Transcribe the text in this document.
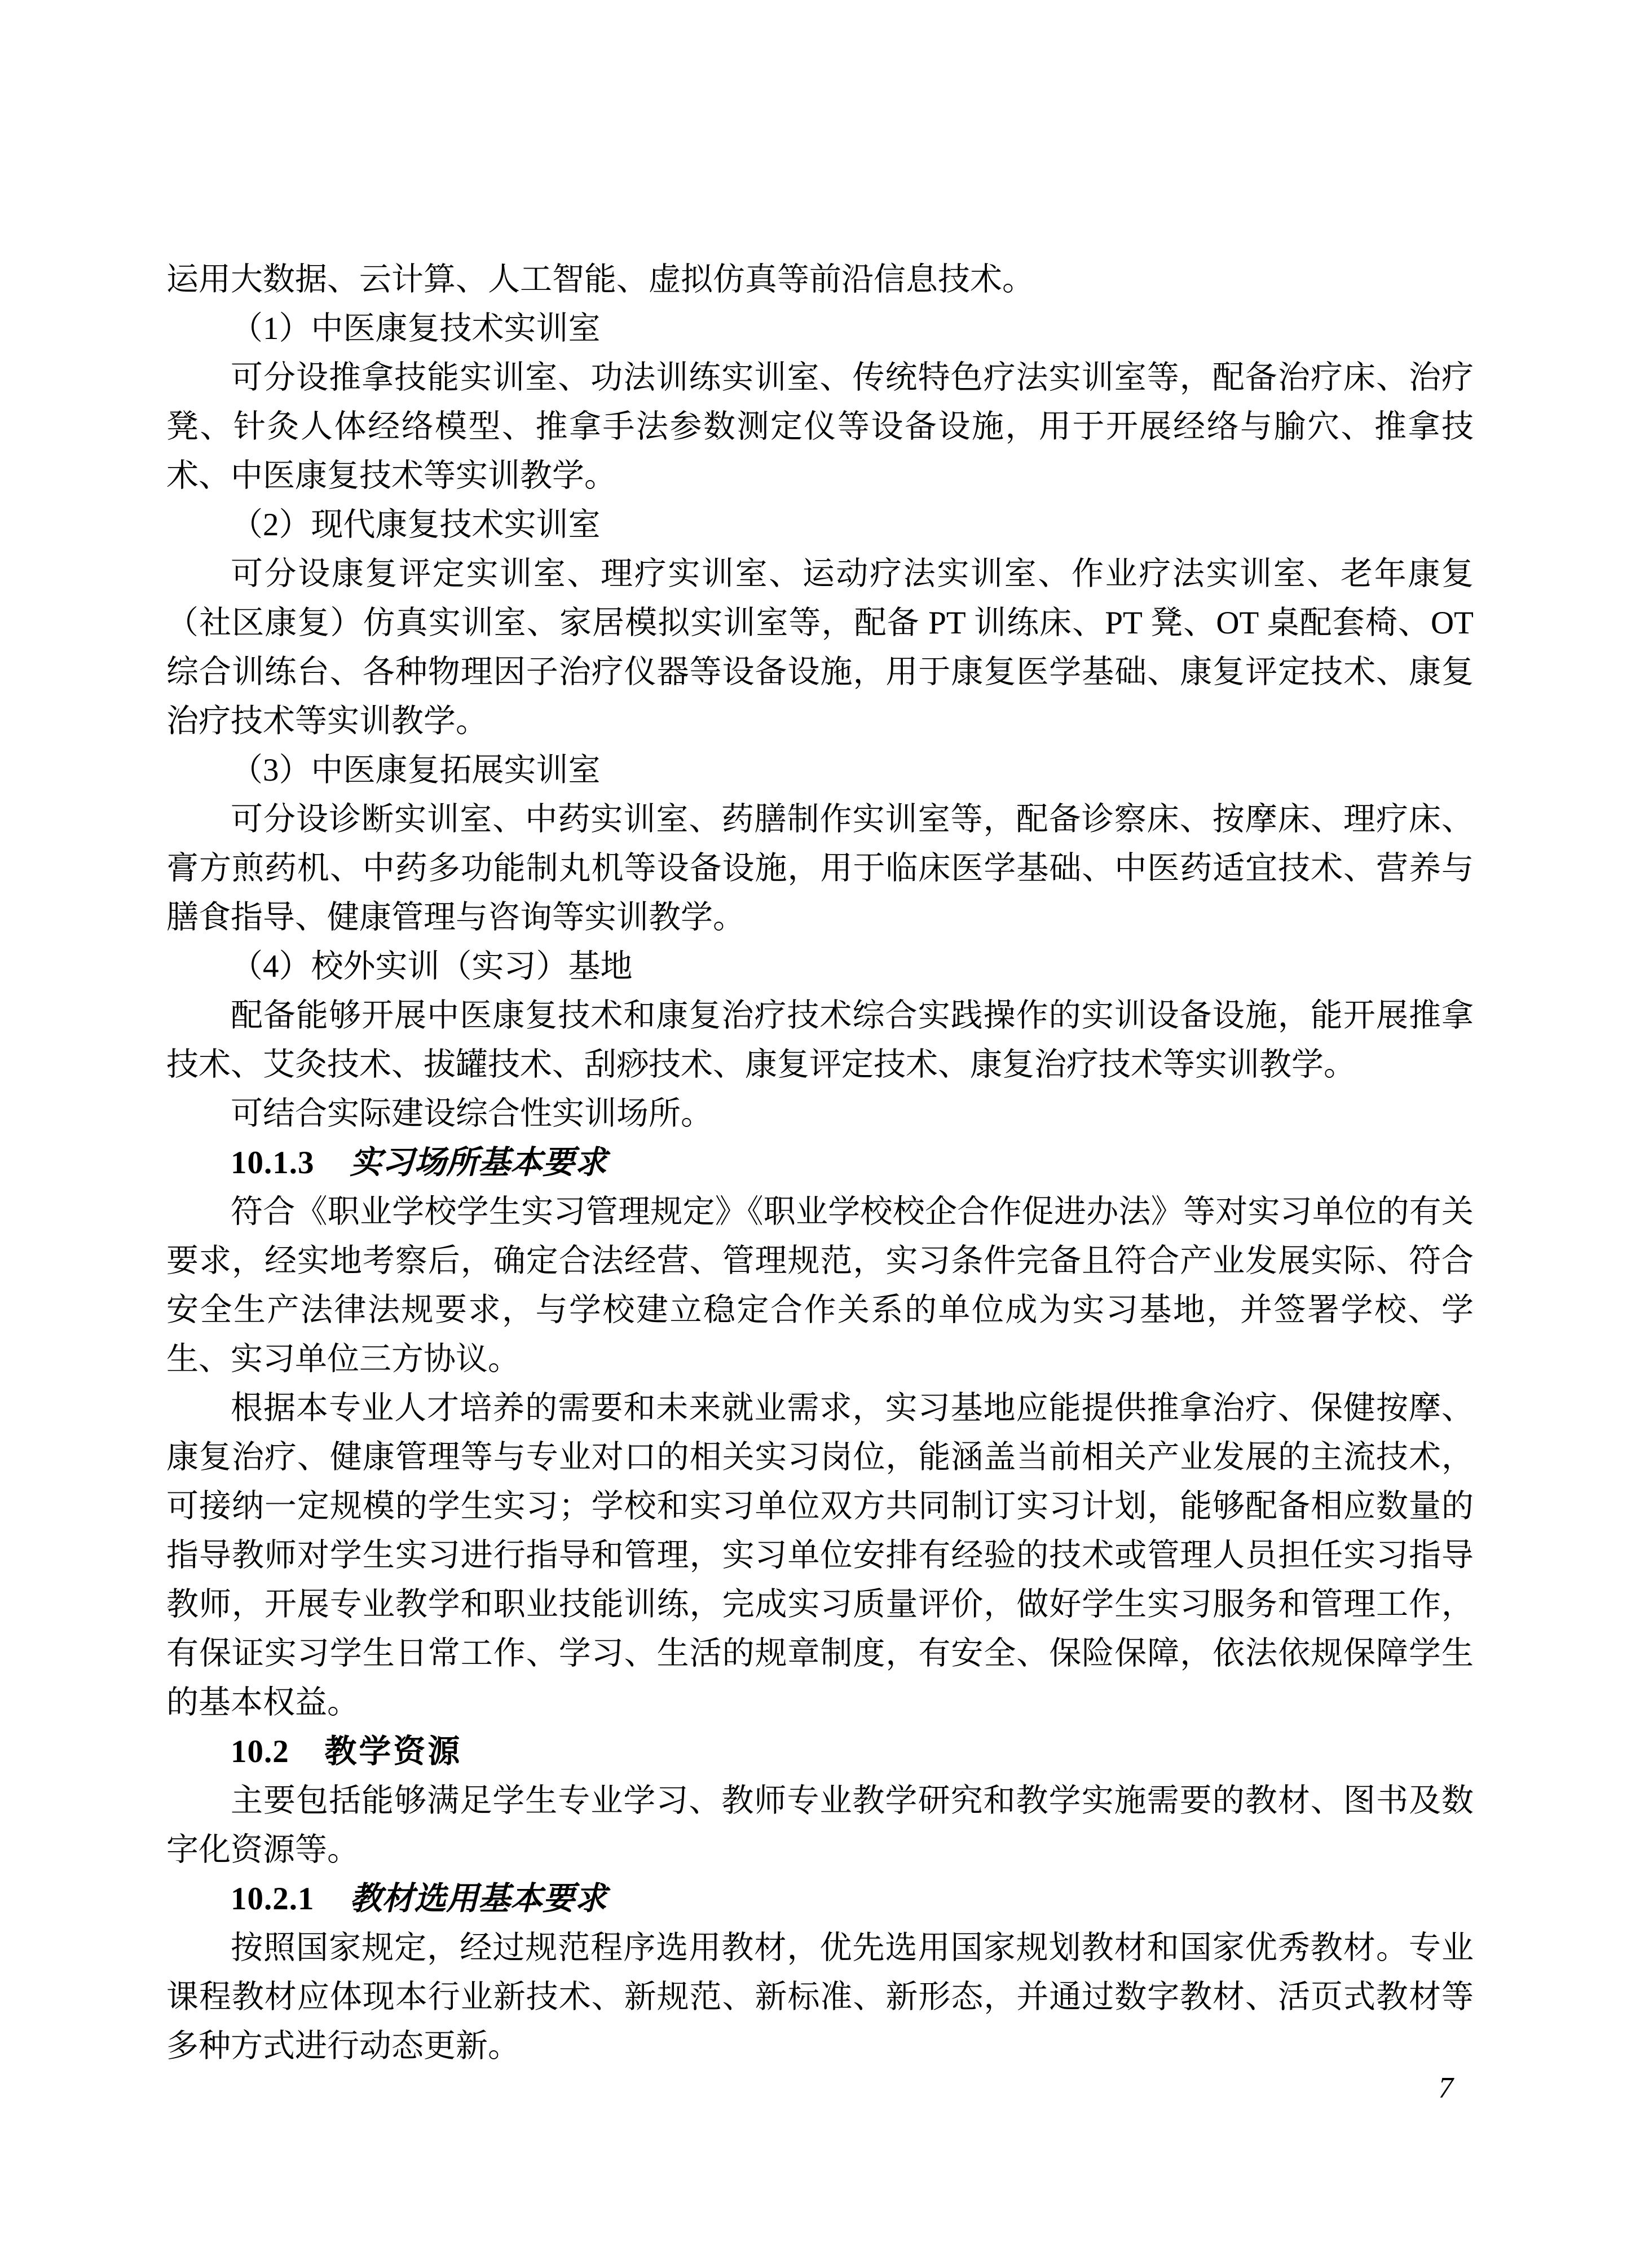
运用大数据、云计算、人工智能、虚拟仿真等前沿信息技术。

（1）中医康复技术实训室

可分设推拿技能实训室、功法训练实训室、传统特色疗法实训室等，配备治疗床、治疗凳、针灸人体经络模型、推拿手法参数测定仪等设备设施，用于开展经络与腧穴、推拿技术、中医康复技术等实训教学。

（2）现代康复技术实训室

可分设康复评定实训室、理疗实训室、运动疗法实训室、作业疗法实训室、老年康复（社区康复）仿真实训室、家居模拟实训室等，配备 PT 训练床、PT 凳、OT 桌配套椅、OT 综合训练台、各种物理因子治疗仪器等设备设施，用于康复医学基础、康复评定技术、康复治疗技术等实训教学。

（3）中医康复拓展实训室

可分设诊断实训室、中药实训室、药膳制作实训室等，配备诊察床、按摩床、理疗床、膏方煎药机、中药多功能制丸机等设备设施，用于临床医学基础、中医药适宜技术、营养与膳食指导、健康管理与咨询等实训教学。

（4）校外实训（实习）基地

配备能够开展中医康复技术和康复治疗技术综合实践操作的实训设备设施，能开展推拿技术、艾灸技术、拔罐技术、刮痧技术、康复评定技术、康复治疗技术等实训教学。

可结合实际建设综合性实训场所。

10.1.3 实习场所基本要求

符合《职业学校学生实习管理规定》《职业学校校企合作促进办法》等对实习单位的有关要求，经实地考察后，确定合法经营、管理规范，实习条件完备且符合产业发展实际、符合安全生产法律法规要求，与学校建立稳定合作关系的单位成为实习基地，并签署学校、学生、实习单位三方协议。

根据本专业人才培养的需要和未来就业需求，实习基地应能提供推拿治疗、保健按摩、康复治疗、健康管理等与专业对口的相关实习岗位，能涵盖当前相关产业发展的主流技术，可接纳一定规模的学生实习；学校和实习单位双方共同制订实习计划，能够配备相应数量的指导教师对学生实习进行指导和管理，实习单位安排有经验的技术或管理人员担任实习指导教师，开展专业教学和职业技能训练，完成实习质量评价，做好学生实习服务和管理工作，有保证实习学生日常工作、学习、生活的规章制度，有安全、保险保障，依法依规保障学生的基本权益。

10.2 教学资源

主要包括能够满足学生专业学习、教师专业教学研究和教学实施需要的教材、图书及数字化资源等。

10.2.1 教材选用基本要求

按照国家规定，经过规范程序选用教材，优先选用国家规划教材和国家优秀教材。专业课程教材应体现本行业新技术、新规范、新标准、新形态，并通过数字教材、活页式教材等多种方式进行动态更新。

7
